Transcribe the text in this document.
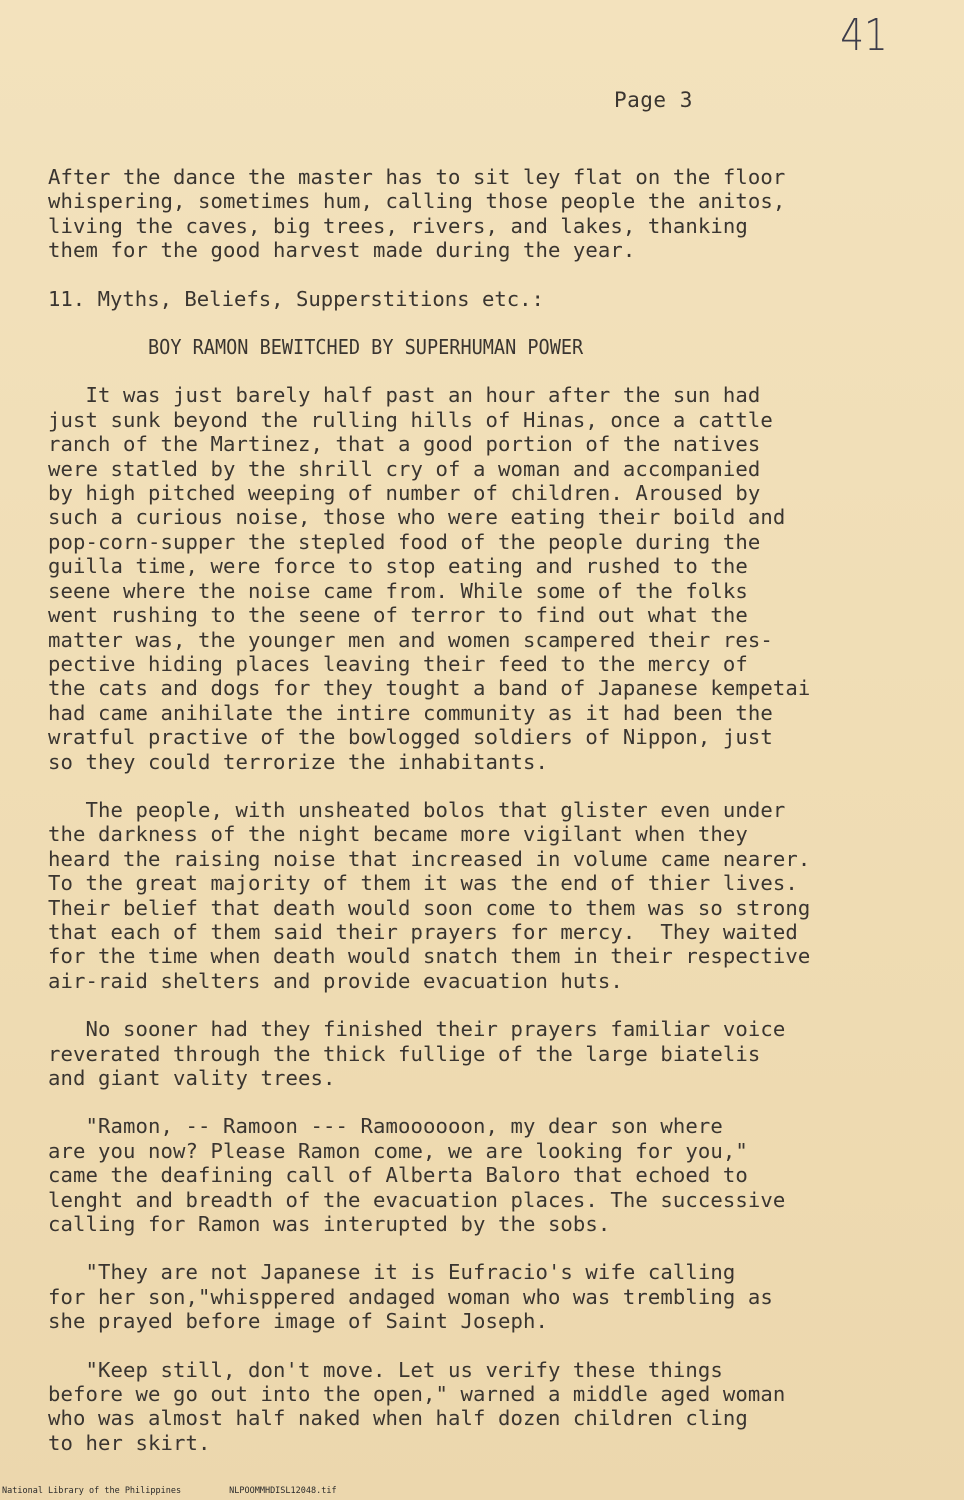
41
Page 3
After the dance the master has to sit ley flat on the floor
whispering, sometimes hum, calling those people the anitos,
living the caves, big trees, rivers, and lakes, thanking
them for the good harvest made during the year.
11. Myths, Beliefs, Supperstitions etc.:
BOY RAMON BEWITCHED BY SUPERHUMAN POWER
It was just barely half past an hour after the sun had
just sunk beyond the rulling hills of Hinas, once a cattle
ranch of the Martinez, that a good portion of the natives
were statled by the shrill cry of a woman and accompanied
by high pitched weeping of number of children. Aroused by
such a curious noise, those who were eating their boild and
pop-corn-supper the stepled food of the people during the
guilla time, were force to stop eating and rushed to the
seene where the noise came from. While some of the folks
went rushing to the seene of terror to find out what the
matter was, the younger men and women scampered their res-
pective hiding places leaving their feed to the mercy of
the cats and dogs for they tought a band of Japanese kempetai
had came anihilate the intire community as it had been the
wratful practive of the bowlogged soldiers of Nippon, just
so they could terrorize the inhabitants.
The people, with unsheated bolos that glister even under
the darkness of the night became more vigilant when they
heard the raising noise that increased in volume came nearer.
To the great majority of them it was the end of thier lives.
Their belief that death would soon come to them was so strong
that each of them said their prayers for mercy.  They waited
for the time when death would snatch them in their respective
air-raid shelters and provide evacuation huts.
No sooner had they finished their prayers familiar voice
reverated through the thick fullige of the large biatelis
and giant vality trees.
"Ramon, -- Ramoon --- Ramoooooon, my dear son where
are you now? Please Ramon come, we are looking for you,"
came the deafining call of Alberta Baloro that echoed to
lenght and breadth of the evacuation places. The successive
calling for Ramon was interupted by the sobs.
"They are not Japanese it is Eufracio's wife calling
for her son,"whisppered andaged woman who was trembling as
she prayed before image of Saint Joseph.
"Keep still, don't move. Let us verify these things
before we go out into the open," warned a middle aged woman
who was almost half naked when half dozen children cling
to her skirt.
National Library of the Philippines	NLPOOMMHDISL12048.tif
